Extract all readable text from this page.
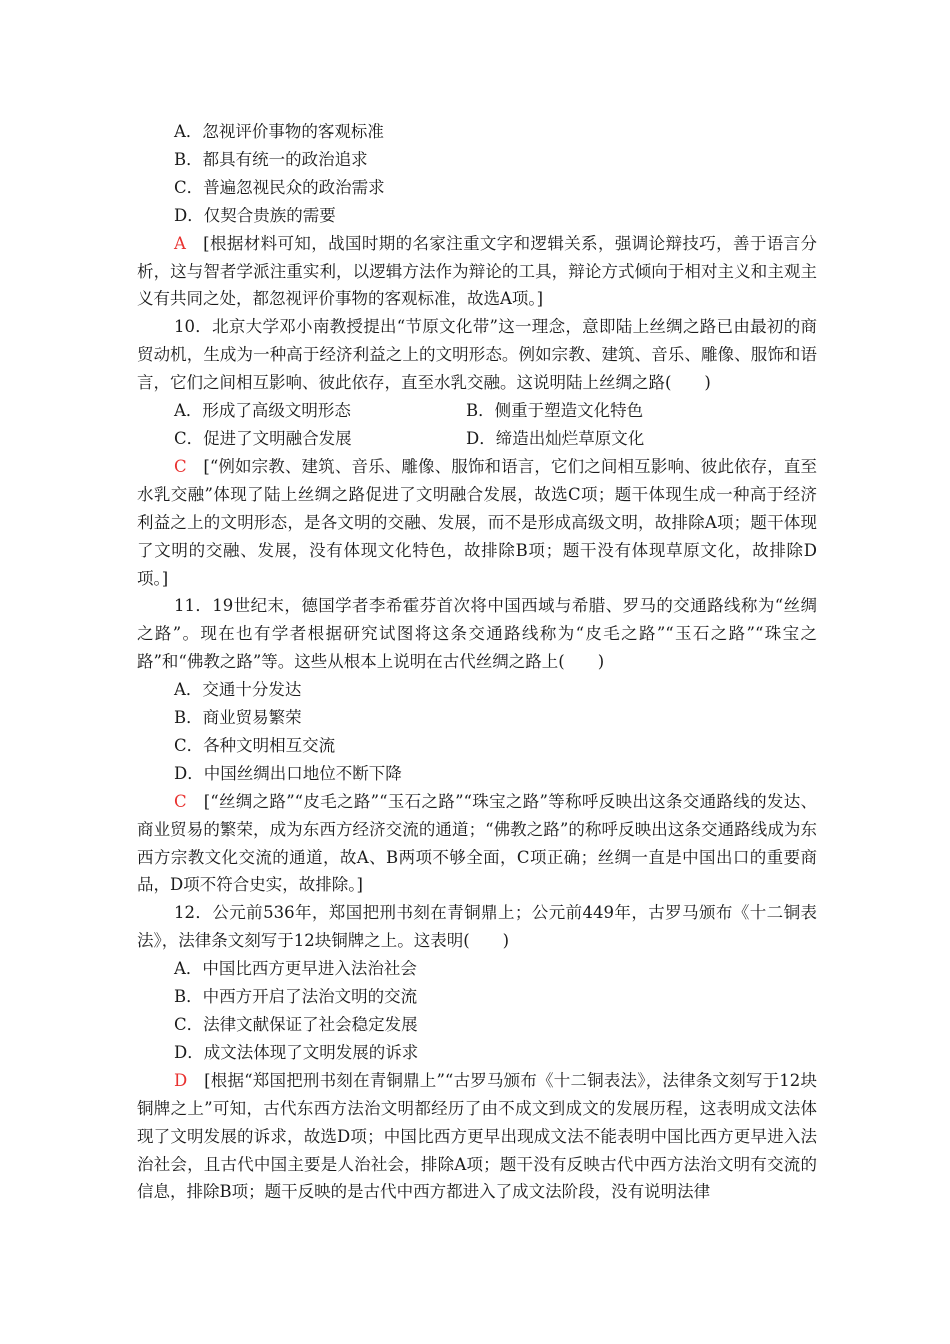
A．忽视评价事物的客观标准
B．都具有统一的政治追求
C．普遍忽视民众的政治需求
D．仅契合贵族的需要

A　 [根据材料可知，战国时期的名家注重文字和逻辑关系，强调论辩技巧，善于语言分析，这与智者学派注重实利，以逻辑方法作为辩论的工具，辩论方式倾向于相对主义和主观主义有共同之处，都忽视评价事物的客观标准，故选A项。]

10．北京大学邓小南教授提出“节原文化带”这一理念，意即陆上丝绸之路已由最初的商贸动机，生成为一种高于经济利益之上的文明形态。例如宗教、建筑、音乐、雕像、服饰和语言，它们之间相互影响、彼此依存，直至水乳交融。这说明陆上丝绸之路(　　)

A．形成了高级文明形态	B．侧重于塑造文化特色
C．促进了文明融合发展	D．缔造出灿烂草原文化

C　 [“例如宗教、建筑、音乐、雕像、服饰和语言，它们之间相互影响、彼此依存，直至水乳交融”体现了陆上丝绸之路促进了文明融合发展，故选C项；题干体现生成一种高于经济利益之上的文明形态，是各文明的交融、发展，而不是形成高级文明，故排除A项；题干体现了文明的交融、发展，没有体现文化特色，故排除B项；题干没有体现草原文化，故排除D项。]

11．19世纪末，德国学者李希霍芬首次将中国西域与希腊、罗马的交通路线称为“丝绸之路”。现在也有学者根据研究试图将这条交通路线称为“皮毛之路”“玉石之路”“珠宝之路”和“佛教之路”等。这些从根本上说明在古代丝绸之路上(　　)

A．交通十分发达
B．商业贸易繁荣
C．各种文明相互交流
D．中国丝绸出口地位不断下降

C　 [“丝绸之路”“皮毛之路”“玉石之路”“珠宝之路”等称呼反映出这条交通路线的发达、商业贸易的繁荣，成为东西方经济交流的通道；“佛教之路”的称呼反映出这条交通路线成为东西方宗教文化交流的通道，故A、B两项不够全面，C项正确；丝绸一直是中国出口的重要商品，D项不符合史实，故排除。]

12．公元前536年，郑国把刑书刻在青铜鼎上；公元前449年，古罗马颁布《十二铜表法》，法律条文刻写于12块铜牌之上。这表明(　　)

A．中国比西方更早进入法治社会
B．中西方开启了法治文明的交流
C．法律文献保证了社会稳定发展
D．成文法体现了文明发展的诉求

D　 [根据“郑国把刑书刻在青铜鼎上”“古罗马颁布《十二铜表法》，法律条文刻写于12块铜牌之上”可知，古代东西方法治文明都经历了由不成文到成文的发展历程，这表明成文法体现了文明发展的诉求，故选D项；中国比西方更早出现成文法不能表明中国比西方更早进入法治社会，且古代中国主要是人治社会，排除A项；题干没有反映古代中西方法治文明有交流的信息，排除B项；题干反映的是古代中西方都进入了成文法阶段，没有说明法律
